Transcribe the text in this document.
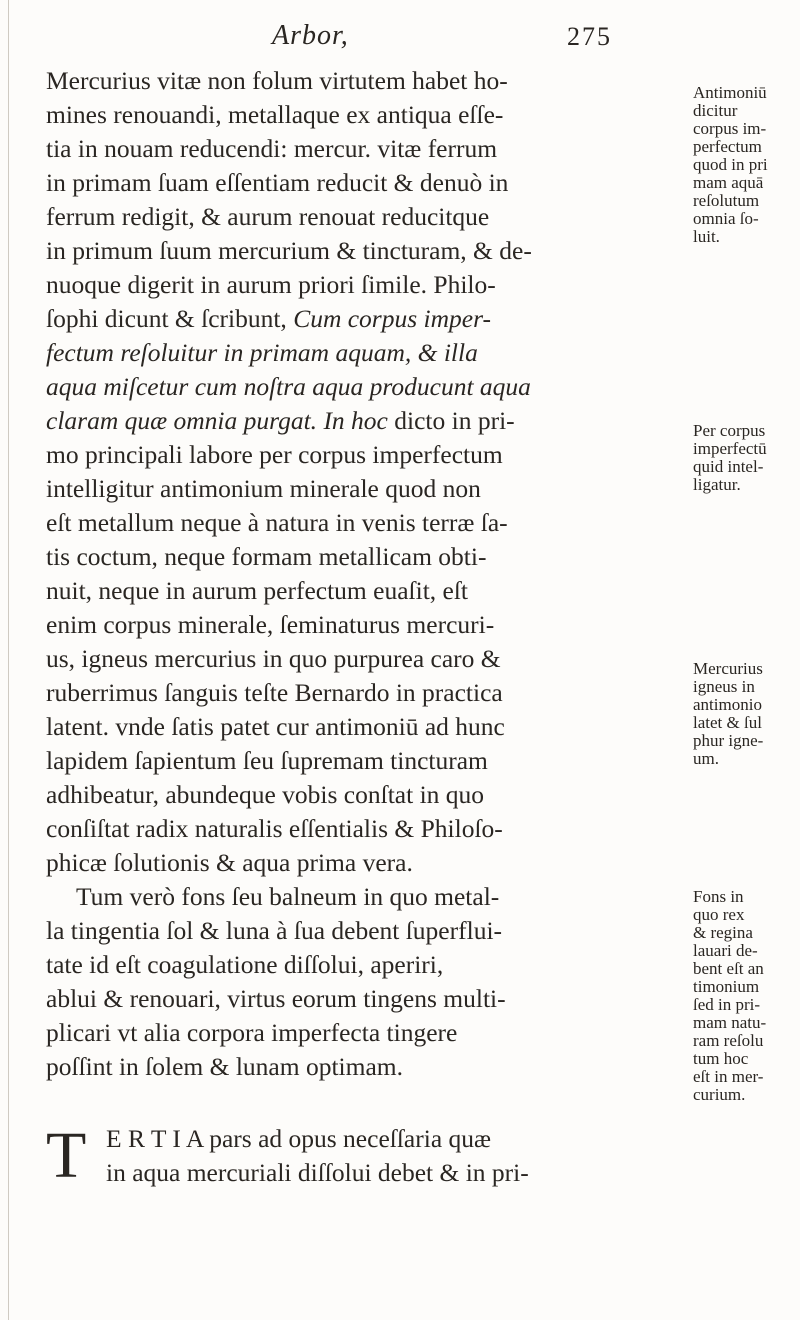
Arbor,	275
Mercurius vitæ non folum virtutem habet ho-
mines renouandi, metallaque ex antiqua eſſe-
tia in nouam reducendi: mercur. vitæ ferrum
in primam ſuam eſſentiam reducit & denuò in
ferrum redigit, & aurum renouat reducitque
in primum ſuum mercurium & tincturam, & de-
nuoque digerit in aurum priori ſimile. Philo-
ſophi dicunt & ſcribunt, Cum corpus imper-
fectum reſoluitur in primam aquam, & illa
aqua miſcetur cum noſtra aqua producunt aqua
claram quæ omnia purgat. In hoc dicto in pri-
mo principali labore per corpus imperfectum
intelligitur antimonium minerale quod non
eſt metallum neque à natura in venis terræ ſa-
tis coctum, neque formam metallicam obti-
nuit, neque in aurum perfectum euaſit, eſt
enim corpus minerale, ſeminaturus mercuri-
us, igneus mercurius in quo purpurea caro &
ruberrimus ſanguis teſte Bernardo in practica
latent. vnde ſatis patet cur antimoniū ad hunc
lapidem ſapientum ſeu ſupremam tincturam
adhibeatur, abundeque vobis conſtat in quo
conſiſtat radix naturalis eſſentialis & Philoſo-
phicæ ſolutionis & aqua prima vera.
Tum verò fons ſeu balneum in quo metal-
la tingentia ſol & luna à ſua debent ſuperflui-
tate id eſt coagulatione diſſolui, aperiri,
ablui & renouari, virtus eorum tingens multi-
plicari vt alia corpora imperfecta tingere
poſſint in ſolem & lunam optimam.
T E R T I A pars ad opus neceſſaria quæ
in aqua mercuriali diſſolui debet & in pri-
Antimoniū
dicitur
corpus im-
perfectum
quod in pri
mam aquā
reſolutum
omnia ſo-
luit.
Per corpus
imperfectū
quid intel-
ligatur.
Mercurius
igneus in
antimonio
latet & ſul
phur igne-
um.
Fons in
quo rex
& regina
lauari de-
bent eſt an
timonium
ſed in pri-
mam natu-
ram reſolu
tum hoc
eſt in mer-
curium.
